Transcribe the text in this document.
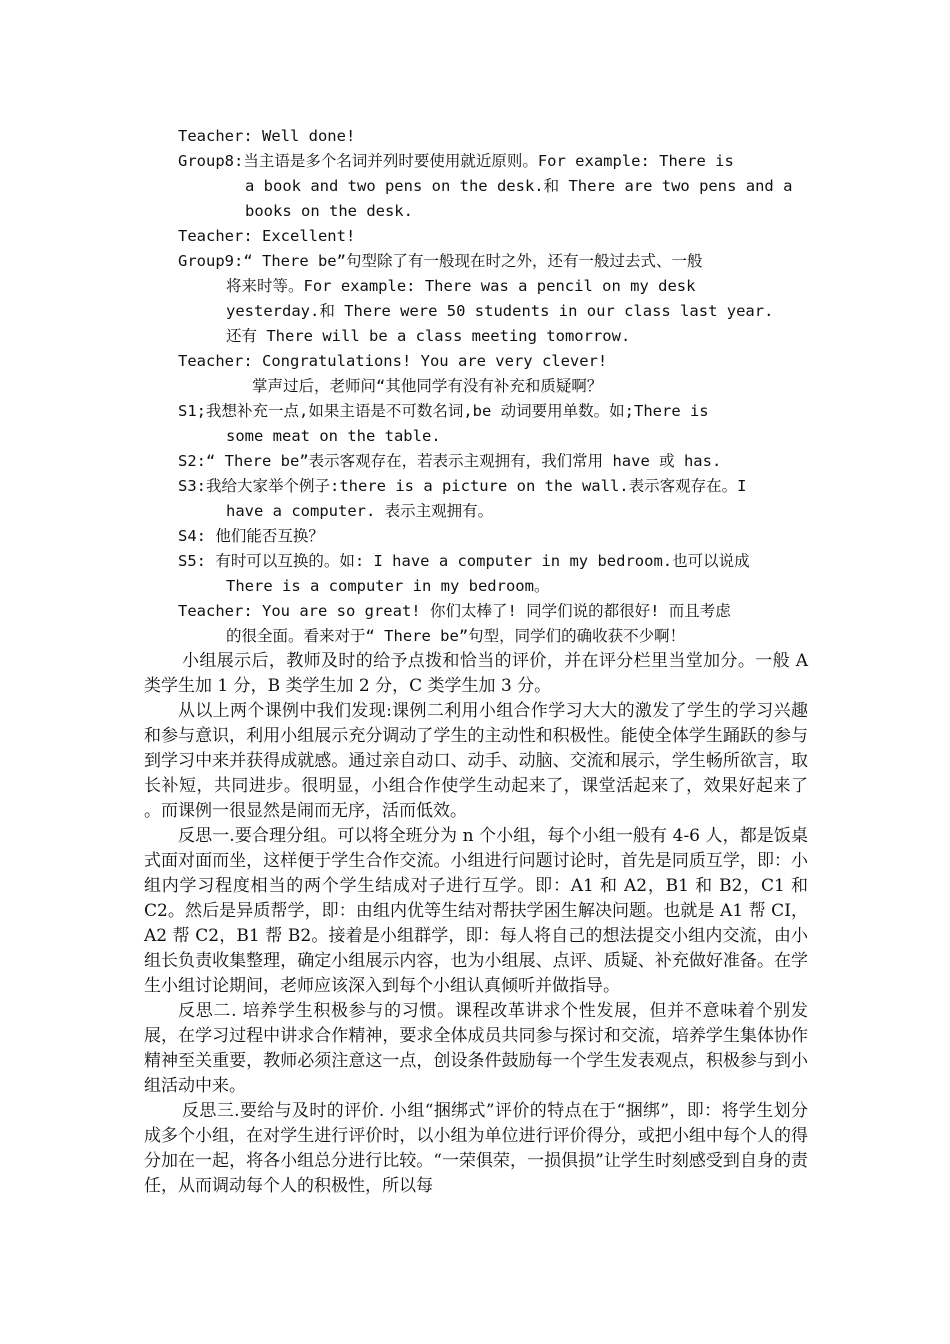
Teacher: Well done!
Group8:当主语是多个名词并列时要使用就近原则。For example: There is
a book and two pens on the desk.和 There are two pens and a
books on the desk.
Teacher: Excellent!
Group9:“ There be”句型除了有一般现在时之外，还有一般过去式、一般
将来时等。For example: There was a pencil on my desk
yesterday.和 There were 50 students in our class last year.
还有 There will be a class meeting tomorrow.
Teacher: Congratulations! You are very clever!
掌声过后，老师问“其他同学有没有补充和质疑啊？
S1;我想补充一点,如果主语是不可数名词,be 动词要用单数。如;There is
some meat on the table.
S2:“ There be”表示客观存在，若表示主观拥有，我们常用 have 或 has.
S3:我给大家举个例子:there is a picture on the wall.表示客观存在。I
have a computer. 表示主观拥有。
S4: 他们能否互换？
S5: 有时可以互换的。如: I have a computer in my bedroom.也可以说成
There is a computer in my bedroom。
Teacher: You are so great! 你们太棒了! 同学们说的都很好! 而且考虑
的很全面。看来对于“ There be”句型，同学们的确收获不少啊！

小组展示后，教师及时的给予点拨和恰当的评价，并在评分栏里当堂加分。一般 A 类学生加 1 分，B 类学生加 2 分，C 类学生加 3 分。

从以上两个课例中我们发现:课例二利用小组合作学习大大的激发了学生的学习兴趣和参与意识，利用小组展示充分调动了学生的主动性和积极性。能使全体学生踊跃的参与到学习中来并获得成就感。通过亲自动口、动手、动脑、交流和展示，学生畅所欲言，取长补短，共同进步。很明显，小组合作使学生动起来了，课堂活起来了，效果好起来了 。而课例一很显然是闹而无序，活而低效。

反思一.要合理分组。可以将全班分为 n 个小组，每个小组一般有 4-6 人，都是饭桌式面对面而坐，这样便于学生合作交流。小组进行问题讨论时，首先是同质互学，即：小组内学习程度相当的两个学生结成对子进行互学。即：A1 和 A2，B1 和 B2，C1 和 C2。然后是异质帮学，即：由组内优等生结对帮扶学困生解决问题。也就是 A1 帮 CI，A2 帮 C2，B1 帮 B2。接着是小组群学，即：每人将自己的想法提交小组内交流，由小组长负责收集整理，确定小组展示内容，也为小组展、点评、质疑、补充做好准备。在学生小组讨论期间，老师应该深入到每个小组认真倾听并做指导。

反思二. 培养学生积极参与的习惯。课程改革讲求个性发展，但并不意味着个别发展，在学习过程中讲求合作精神，要求全体成员共同参与探讨和交流，培养学生集体协作精神至关重要，教师必须注意这一点，创设条件鼓励每一个学生发表观点，积极参与到小组活动中来。

反思三.要给与及时的评价. 小组“捆绑式”评价的特点在于“捆绑”，即：将学生划分成多个小组，在对学生进行评价时，以小组为单位进行评价得分，或把小组中每个人的得分加在一起，将各小组总分进行比较。“一荣俱荣，一损俱损”让学生时刻感受到自身的责任，从而调动每个人的积极性，所以每
